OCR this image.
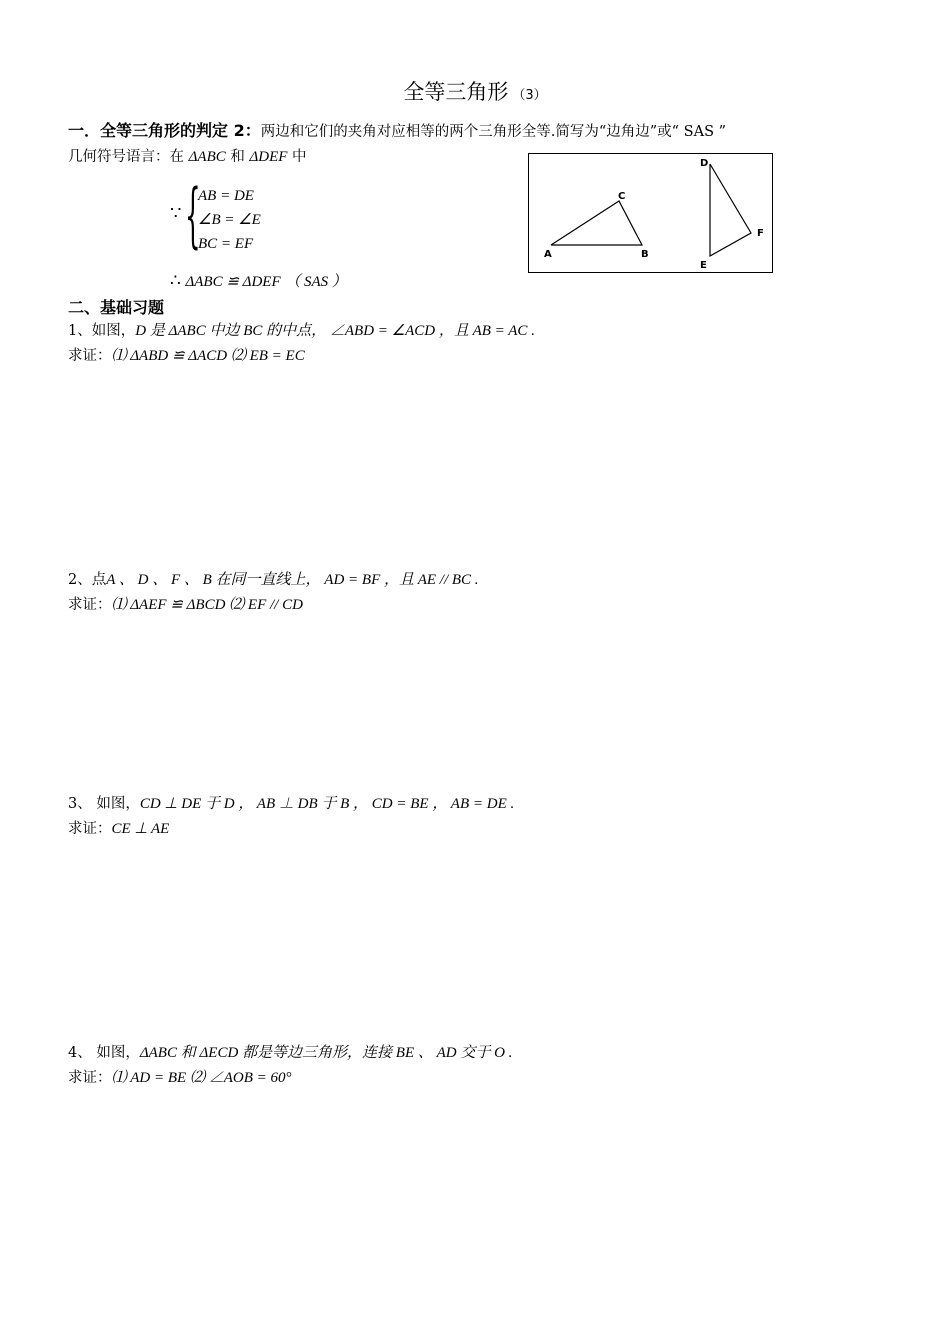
全等三角形 （3）
一．全等三角形的判定 2：两边和它们的夹角对应相等的两个三角形全等.简写为“边角边”或“ SAS ”
几何符号语言：在 ΔABC 和 ΔDEF 中
∵ {
AB = DE
∠B = ∠E
BC = EF
∴ ΔABC ≌ ΔDEF （ SAS ）
A	B
C
D
E
F
二、基础习题
1、如图，D 是 ΔABC 中边 BC 的中点， ∠ABD = ∠ACD ，且 AB = AC .
求证：⑴ ΔABD ≌ ΔACD ⑵ EB = EC
2、点A 、 D 、 F 、 B 在同一直线上， AD = BF ，且 AE // BC .
求证：⑴ ΔAEF ≌ ΔBCD ⑵ EF // CD
3、 如图，CD ⊥ DE 于 D ， AB ⊥ DB 于 B ， CD = BE ， AB = DE .
求证：CE ⊥ AE
4、 如图，ΔABC 和 ΔECD 都是等边三角形，连接 BE 、 AD 交于 O .
求证：⑴ AD = BE ⑵ ∠AOB = 60°
